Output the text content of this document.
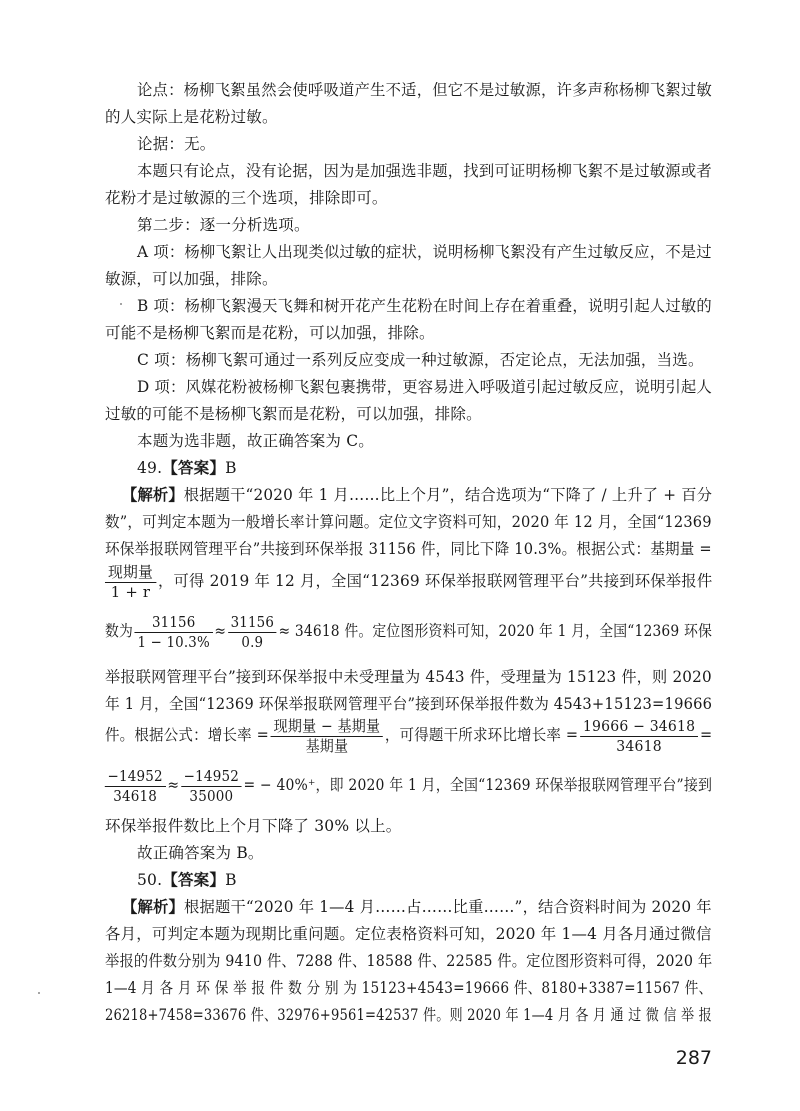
论点：杨柳飞絮虽然会使呼吸道产生不适，但它不是过敏源，许多声称杨柳飞絮过敏
的人实际上是花粉过敏。
论据：无。
本题只有论点，没有论据，因为是加强选非题，找到可证明杨柳飞絮不是过敏源或者
花粉才是过敏源的三个选项，排除即可。
第二步：逐一分析选项。
A 项：杨柳飞絮让人出现类似过敏的症状，说明杨柳飞絮没有产生过敏反应，不是过
敏源，可以加强，排除。
B 项：杨柳飞絮漫天飞舞和树开花产生花粉在时间上存在着重叠，说明引起人过敏的
可能不是杨柳飞絮而是花粉，可以加强，排除。
C 项：杨柳飞絮可通过一系列反应变成一种过敏源，否定论点，无法加强，当选。
D 项：风媒花粉被杨柳飞絮包裹携带，更容易进入呼吸道引起过敏反应，说明引起人
过敏的可能不是杨柳飞絮而是花粉，可以加强，排除。
本题为选非题，故正确答案为 C。
49.【答案】B
【解析】根据题干“2020 年 1 月……比上个月”，结合选项为“下降了 / 上升了 + 百分
数”，可判定本题为一般增长率计算问题。定位文字资料可知，2020 年 12 月，全国“12369
环保举报联网管理平台”共接到环保举报 31156 件，同比下降 10.3%。根据公式：基期量 =
$\frac{\text{现期量}}{1 + r}$ ，可得 2019 年 12 月，全国“12369 环保举报联网管理平台”共接到环保举报件
数为 $\frac{31156}{1 - 10.3\%} \approx \frac{31156}{0.9} \approx 34618$ 件。定位图形资料可知，2020 年 1 月，全国“12369 环保
举报联网管理平台”接到环保举报中未受理量为 4543 件，受理量为 15123 件，则 2020
年 1 月，全国“12369 环保举报联网管理平台”接到环保举报件数为 4543+15123=19666
件。根据公式：增长率 = $\frac{\text{现期量 − 基期量}}{\text{基期量}}$ ，可得题干所求环比增长率 = $\frac{19666 - 34618}{34618}$ =
$\frac{-14952}{34618} \approx \frac{-14952}{35000}$ = − 40%⁺，即 2020 年 1 月，全国“12369 环保举报联网管理平台”接到
环保举报件数比上个月下降了 30% 以上。
故正确答案为 B。
50.【答案】B
【解析】根据题干“2020 年 1—4 月……占……比重……”，结合资料时间为 2020 年
各月，可判定本题为现期比重问题。定位表格资料可知，2020 年 1—4 月各月通过微信
举报的件数分别为 9410 件、7288 件、18588 件、22585 件。定位图形资料可得，2020 年
1—4 月 各 月 环 保 举 报 件 数 分 别 为 15123+4543=19666 件、8180+3387=11567 件、
26218+7458=33676 件、32976+9561=42537 件。则 2020 年 1—4 月 各 月 通 过 微 信 举 报
287
